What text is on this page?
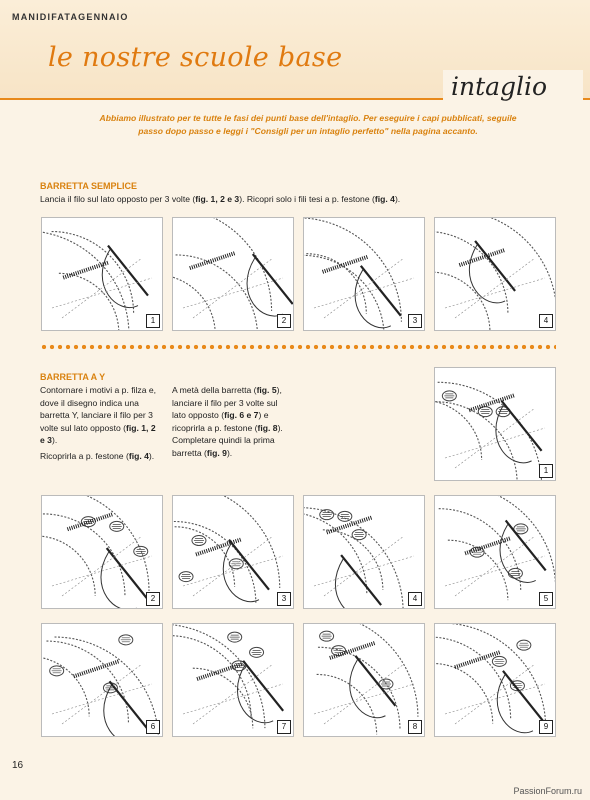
MANIDIFATAGENNAIO
le nostre scuole base
intaglio
Abbiamo illustrato per te tutte le fasi dei punti base dell'intaglio. Per eseguire i capi pubblicati, seguile passo dopo passo e leggi i "Consigli per un intaglio perfetto" nella pagina accanto.
BARRETTA SEMPLICE
Lancia il filo sul lato opposto per 3 volte (fig. 1, 2 e 3). Ricopri solo i fili tesi a p. festone (fig. 4).
1	2	3	4
BARRETTA A Y
Contornare i motivi a p. filza e, dove il disegno indica una barretta Y, lanciare il filo per 3 volte sul lato opposto (fig. 1, 2 e 3).
Ricoprirla a p. festone (fig. 4).
A metà della barretta (fig. 5), lanciare il filo per 3 volte sul lato opposto (fig. 6 e 7) e ricoprirla a p. festone (fig. 8). Completare quindi la prima barretta (fig. 9).
1
2	3	4	5
6	7	8	9
16
PassionForum.ru
